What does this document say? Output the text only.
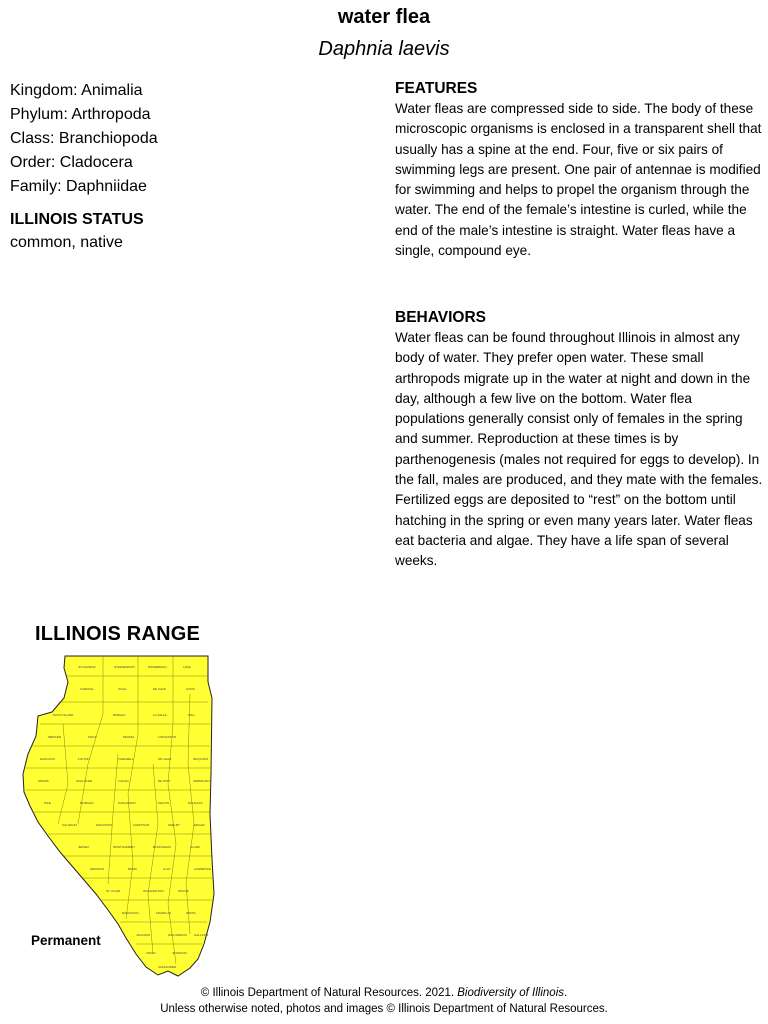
water flea
Daphnia laevis
Kingdom: Animalia
Phylum: Arthropoda
Class: Branchiopoda
Order: Cladocera
Family: Daphniidae
ILLINOIS STATUS
common, native
FEATURES
Water fleas are compressed side to side. The body of these microscopic organisms is enclosed in a transparent shell that usually has a spine at the end. Four, five or six pairs of swimming legs are present. One pair of antennae is modified for swimming and helps to propel the organism through the water. The end of the female’s intestine is curled, while the end of the male’s intestine is straight. Water fleas have a single, compound eye.
BEHAVIORS
Water fleas can be found throughout Illinois in almost any body of water. They prefer open water. These small arthropods migrate up in the water at night and down in the day, although a few live on the bottom. Water flea populations generally consist only of females in the spring and summer. Reproduction at these times is by parthenogenesis (males not required for eggs to develop). In the fall, males are produced, and they mate with the females. Fertilized eggs are deposited to “rest” on the bottom until hatching in the spring or even many years later. Water fleas eat bacteria and algae. They have a life span of several weeks.
ILLINOIS RANGE
JO DAVIESS	STEPHENSON	WINNEBAGO	LAKE
CARROLL	OGLE	DE KALB	COOK
ROCK ISLAND	BUREAU	LA SALLE	WILL
MERCER	KNOX	PEORIA	LIVINGSTON
HANCOCK	FULTON	TAZEWELL	MC LEAN	IROQUOIS
ADAMS	SCHUYLER	LOGAN	DE WITT	VERMILION
PIKE	MORGAN	SANGAMON	MACON	DOUGLAS
CALHOUN	MACOUPIN	CHRISTIAN	SHELBY	EDGAR
JERSEY	MONTGOMERY	EFFINGHAM	CLARK
MADISON	BOND	CLAY	LAWRENCE
ST. CLAIR	WASHINGTON	WAYNE
RANDOLPH	FRANKLIN	WHITE
JACKSON	WILLIAMSON GALLATIN
UNION	JOHNSON
ALEXANDER
Permanent
© Illinois Department of Natural Resources. 2021. Biodiversity of Illinois.
Unless otherwise noted, photos and images © Illinois Department of Natural Resources.
